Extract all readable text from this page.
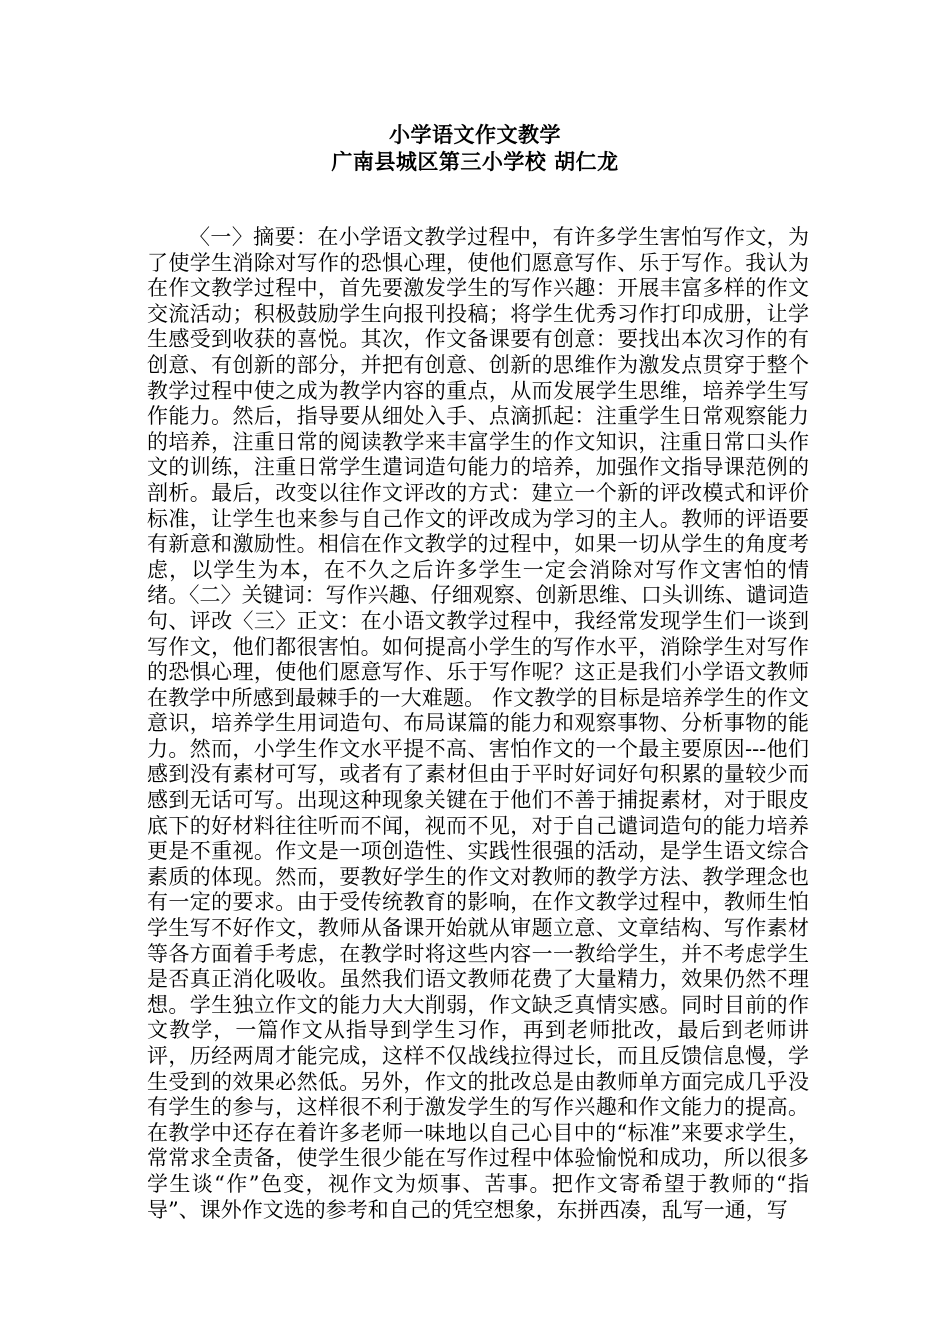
小学语文作文教学
广南县城区第三小学校 胡仁龙

〈一〉摘要：在小学语文教学过程中，有许多学生害怕写作文，为了使学生消除对写作的恐惧心理，使他们愿意写作、乐于写作。我认为在作文教学过程中，首先要激发学生的写作兴趣：开展丰富多样的作文交流活动；积极鼓励学生向报刊投稿；将学生优秀习作打印成册，让学生感受到收获的喜悦。其次，作文备课要有创意：要找出本次习作的有创意、有创新的部分，并把有创意、创新的思维作为激发点贯穿于整个教学过程中使之成为教学内容的重点，从而发展学生思维，培养学生写作能力。然后，指导要从细处入手、点滴抓起：注重学生日常观察能力的培养，注重日常的阅读教学来丰富学生的作文知识，注重日常口头作文的训练，注重日常学生遣词造句能力的培养，加强作文指导课范例的剖析。最后，改变以往作文评改的方式：建立一个新的评改模式和评价标准，让学生也来参与自己作文的评改成为学习的主人。教师的评语要有新意和激励性。相信在作文教学的过程中，如果一切从学生的角度考虑，以学生为本，在不久之后许多学生一定会消除对写作文害怕的情绪。〈二〉关键词：写作兴趣、仔细观察、创新思维、口头训练、谴词造句、评改〈三〉正文：在小语文教学过程中，我经常发现学生们一谈到写作文，他们都很害怕。如何提高小学生的写作水平，消除学生对写作的恐惧心理，使他们愿意写作、乐于写作呢？这正是我们小学语文教师在教学中所感到最棘手的一大难题。 作文教学的目标是培养学生的作文意识，培养学生用词造句、布局谋篇的能力和观察事物、分析事物的能力。然而，小学生作文水平提不高、害怕作文的一个最主要原因---他们感到没有素材可写，或者有了素材但由于平时好词好句积累的量较少而感到无话可写。出现这种现象关键在于他们不善于捕捉素材，对于眼皮底下的好材料往往听而不闻，视而不见，对于自己谴词造句的能力培养更是不重视。作文是一项创造性、实践性很强的活动，是学生语文综合素质的体现。然而，要教好学生的作文对教师的教学方法、教学理念也有一定的要求。由于受传统教育的影响，在作文教学过程中，教师生怕学生写不好作文，教师从备课开始就从审题立意、文章结构、写作素材等各方面着手考虑，在教学时将这些内容一一教给学生，并不考虑学生是否真正消化吸收。虽然我们语文教师花费了大量精力，效果仍然不理想。学生独立作文的能力大大削弱，作文缺乏真情实感。同时目前的作文教学，一篇作文从指导到学生习作，再到老师批改，最后到老师讲评，历经两周才能完成，这样不仅战线拉得过长，而且反馈信息慢，学生受到的效果必然低。另外，作文的批改总是由教师单方面完成几乎没有学生的参与，这样很不利于激发学生的写作兴趣和作文能力的提高。在教学中还存在着许多老师一味地以自己心目中的“标准”来要求学生，常常求全责备，使学生很少能在写作过程中体验愉悦和成功，所以很多学生谈“作”色变，视作文为烦事、苦事。把作文寄希望于教师的“指导”、课外作文选的参考和自己的凭空想象，东拼西凑，乱写一通，写
